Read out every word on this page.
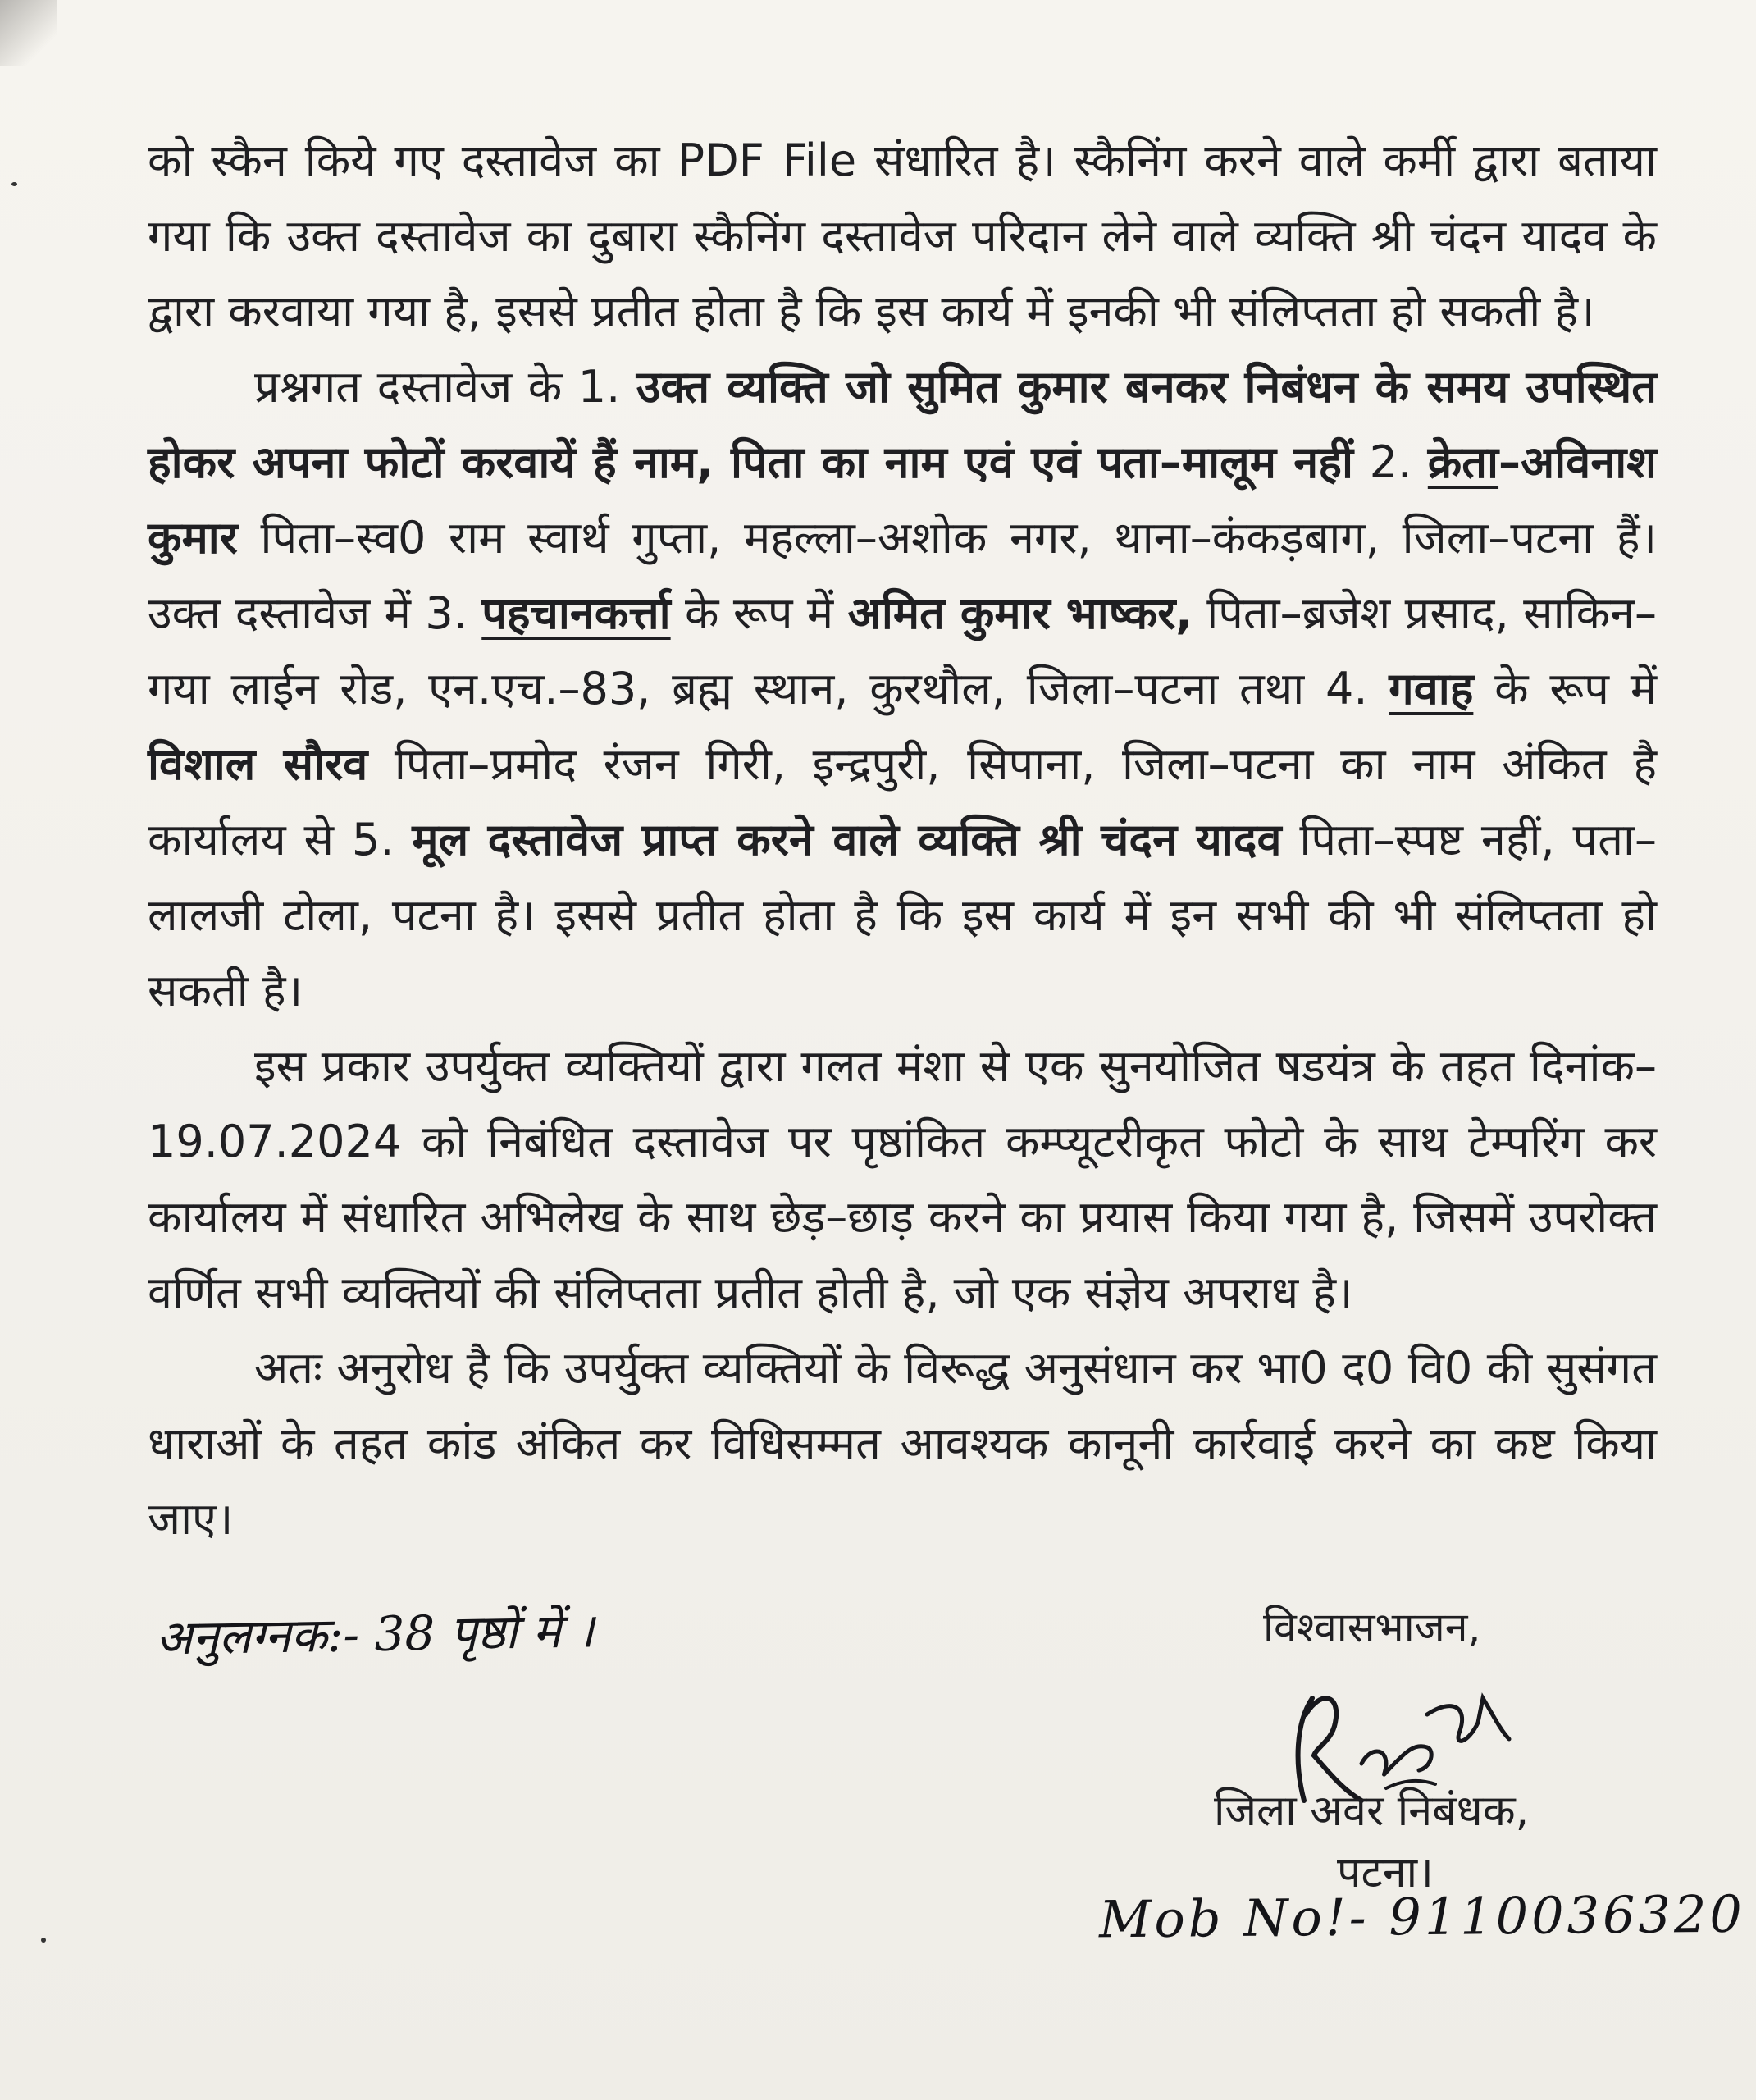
को स्कैन किये गए दस्तावेज का PDF File संधारित है। स्कैनिंग करने वाले कर्मी द्वारा बताया गया कि उक्त दस्तावेज का दुबारा स्कैनिंग दस्तावेज परिदान लेने वाले व्यक्ति श्री चंदन यादव के द्वारा करवाया गया है, इससे प्रतीत होता है कि इस कार्य में इनकी भी संलिप्तता हो सकती है।

प्रश्नगत दस्तावेज के 1. उक्त व्यक्ति जो सुमित कुमार बनकर निबंधन के समय उपस्थित होकर अपना फोटों करवायें हैं नाम, पिता का नाम एवं एवं पता–मालूम नहीं 2. क्रेता–अविनाश कुमार पिता–स्व0 राम स्वार्थ गुप्ता, महल्ला–अशोक नगर, थाना–कंकड़बाग, जिला–पटना हैं। उक्त दस्तावेज में 3. पहचानकर्त्ता के रूप में अमित कुमार भाष्कर, पिता–ब्रजेश प्रसाद, साकिन–गया लाईन रोड, एन.एच.–83, ब्रह्म स्थान, कुरथौल, जिला–पटना तथा 4. गवाह के रूप में विशाल सौरव पिता–प्रमोद रंजन गिरी, इन्द्रपुरी, सिपाना, जिला–पटना का नाम अंकित है कार्यालय से 5. मूल दस्तावेज प्राप्त करने वाले व्यक्ति श्री चंदन यादव पिता–स्पष्ट नहीं, पता–लालजी टोला, पटना है। इससे प्रतीत होता है कि इस कार्य में इन सभी की भी संलिप्तता हो सकती है।

इस प्रकार उपर्युक्त व्यक्तियों द्वारा गलत मंशा से एक सुनयोजित षडयंत्र के तहत दिनांक–19.07.2024 को निबंधित दस्तावेज पर पृष्ठांकित कम्प्यूटरीकृत फोटो के साथ टेम्परिंग कर कार्यालय में संधारित अभिलेख के साथ छेड़–छाड़ करने का प्रयास किया गया है, जिसमें उपरोक्त वर्णित सभी व्यक्तियों की संलिप्तता प्रतीत होती है, जो एक संज्ञेय अपराध है।

अतः अनुरोध है कि उपर्युक्त व्यक्तियों के विरूद्ध अनुसंधान कर भा0 द0 वि0 की सुसंगत धाराओं के तहत कांड अंकित कर विधिसम्मत आवश्यक कानूनी कार्रवाई करने का कष्ट किया जाए।

अनुलग्नक:- 38 पृष्ठों में ।	विश्वासभाजन,
जिला अवर निबंधक,
पटना।
Mob No!- 9110036320
